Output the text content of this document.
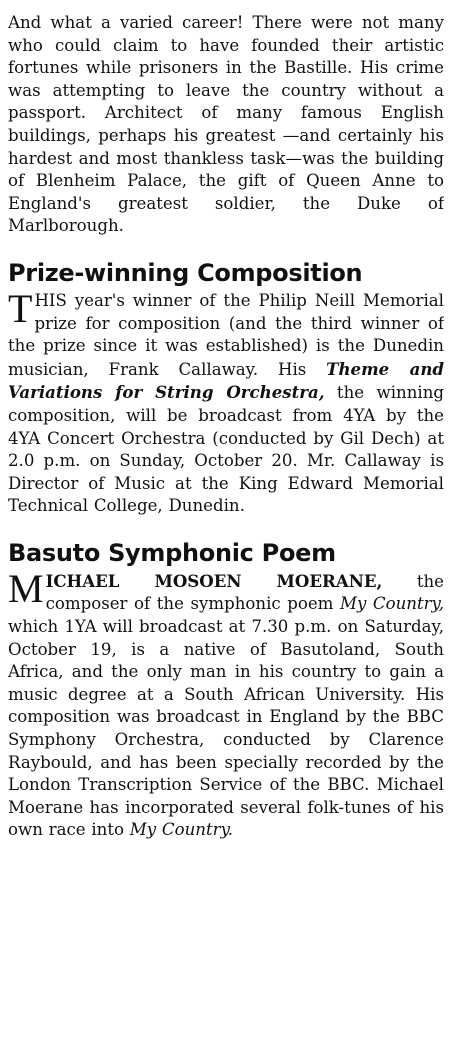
And what a varied career! There were not many who could claim to have founded their artistic fortunes while prisoners in the Bastille. His crime was attempting to leave the country without a passport. Architect of many famous English buildings, perhaps his greatest —and certainly his hardest and most thankless task—was the building of Blenheim Palace, the gift of Queen Anne to England's greatest soldier, the Duke of Marlborough.

Prize-winning Composition

THIS year's winner of the Philip Neill Memorial prize for composition (and the third winner of the prize since it was established) is the Dunedin musician, Frank Callaway. His Theme and Variations for String Orchestra, the winning composition, will be broadcast from 4YA by the 4YA Concert Orchestra (conducted by Gil Dech) at 2.0 p.m. on Sunday, October 20. Mr. Callaway is Director of Music at the King Edward Memorial Technical College, Dunedin.

Basuto Symphonic Poem

MICHAEL MOSOEN MOERANE, the composer of the symphonic poem My Country, which 1YA will broadcast at 7.30 p.m. on Saturday, October 19, is a native of Basutoland, South Africa, and the only man in his country to gain a music degree at a South African University. His composition was broadcast in England by the BBC Symphony Orchestra, conducted by Clarence Raybould, and has been specially recorded by the London Transcription Service of the BBC. Michael Moerane has incorporated several folk-tunes of his own race into My Country.
